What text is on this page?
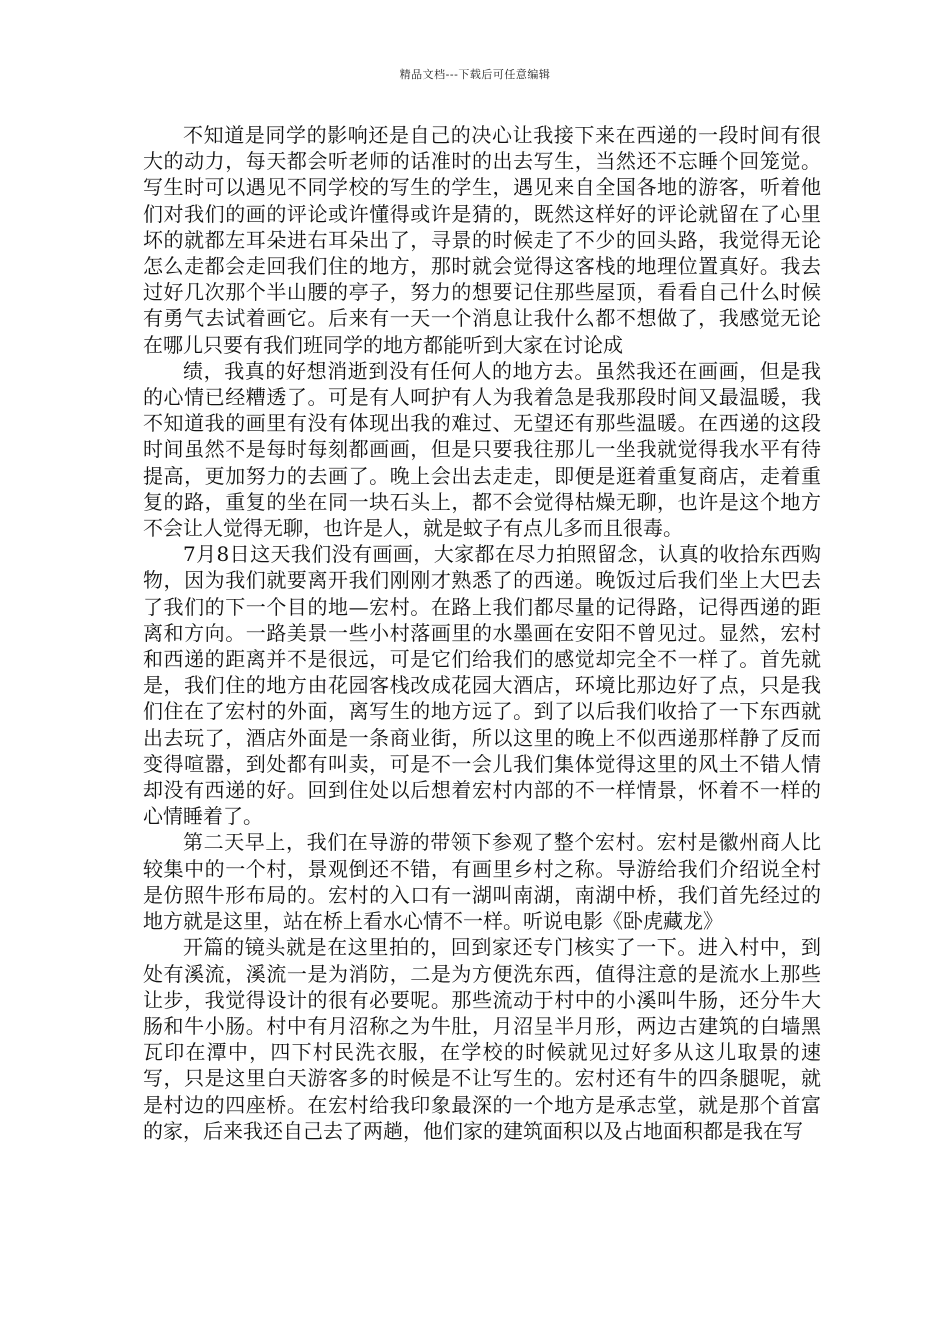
精品文档---下载后可任意编辑

不知道是同学的影响还是自己的决心让我接下来在西递的一段时间有很大的动力，每天都会听老师的话准时的出去写生，当然还不忘睡个回笼觉。写生时可以遇见不同学校的写生的学生，遇见来自全国各地的游客，听着他们对我们的画的评论或许懂得或许是猜的，既然这样好的评论就留在了心里坏的就都左耳朵进右耳朵出了，寻景的时候走了不少的回头路，我觉得无论怎么走都会走回我们住的地方，那时就会觉得这客栈的地理位置真好。我去过好几次那个半山腰的亭子，努力的想要记住那些屋顶，看看自己什么时候有勇气去试着画它。后来有一天一个消息让我什么都不想做了，我感觉无论在哪儿只要有我们班同学的地方都能听到大家在讨论成

绩，我真的好想消逝到没有任何人的地方去。虽然我还在画画，但是我的心情已经糟透了。可是有人呵护有人为我着急是我那段时间又最温暖，我不知道我的画里有没有体现出我的难过、无望还有那些温暖。在西递的这段时间虽然不是每时每刻都画画，但是只要我往那儿一坐我就觉得我水平有待提高，更加努力的去画了。晚上会出去走走，即便是逛着重复商店，走着重复的路，重复的坐在同一块石头上，都不会觉得枯燥无聊，也许是这个地方不会让人觉得无聊，也许是人，就是蚊子有点儿多而且很毒。

7月8日这天我们没有画画，大家都在尽力拍照留念，认真的收拾东西购物，因为我们就要离开我们刚刚才熟悉了的西递。晚饭过后我们坐上大巴去了我们的下一个目的地—宏村。在路上我们都尽量的记得路，记得西递的距离和方向。一路美景一些小村落画里的水墨画在安阳不曾见过。显然，宏村和西递的距离并不是很远，可是它们给我们的感觉却完全不一样了。首先就是，我们住的地方由花园客栈改成花园大酒店，环境比那边好了点，只是我们住在了宏村的外面，离写生的地方远了。到了以后我们收拾了一下东西就出去玩了，酒店外面是一条商业街，所以这里的晚上不似西递那样静了反而变得喧嚣，到处都有叫卖，可是不一会儿我们集体觉得这里的风土不错人情却没有西递的好。回到住处以后想着宏村内部的不一样情景，怀着不一样的心情睡着了。

第二天早上，我们在导游的带领下参观了整个宏村。宏村是徽州商人比较集中的一个村，景观倒还不错，有画里乡村之称。导游给我们介绍说全村是仿照牛形布局的。宏村的入口有一湖叫南湖，南湖中桥，我们首先经过的地方就是这里，站在桥上看水心情不一样。听说电影《卧虎藏龙》

开篇的镜头就是在这里拍的，回到家还专门核实了一下。进入村中，到处有溪流，溪流一是为消防，二是为方便洗东西，值得注意的是流水上那些让步，我觉得设计的很有必要呢。那些流动于村中的小溪叫牛肠，还分牛大肠和牛小肠。村中有月沼称之为牛肚，月沼呈半月形，两边古建筑的白墙黑瓦印在潭中，四下村民洗衣服，在学校的时候就见过好多从这儿取景的速写，只是这里白天游客多的时候是不让写生的。宏村还有牛的四条腿呢，就是村边的四座桥。在宏村给我印象最深的一个地方是承志堂，就是那个首富的家，后来我还自己去了两趟，他们家的建筑面积以及占地面积都是我在写
